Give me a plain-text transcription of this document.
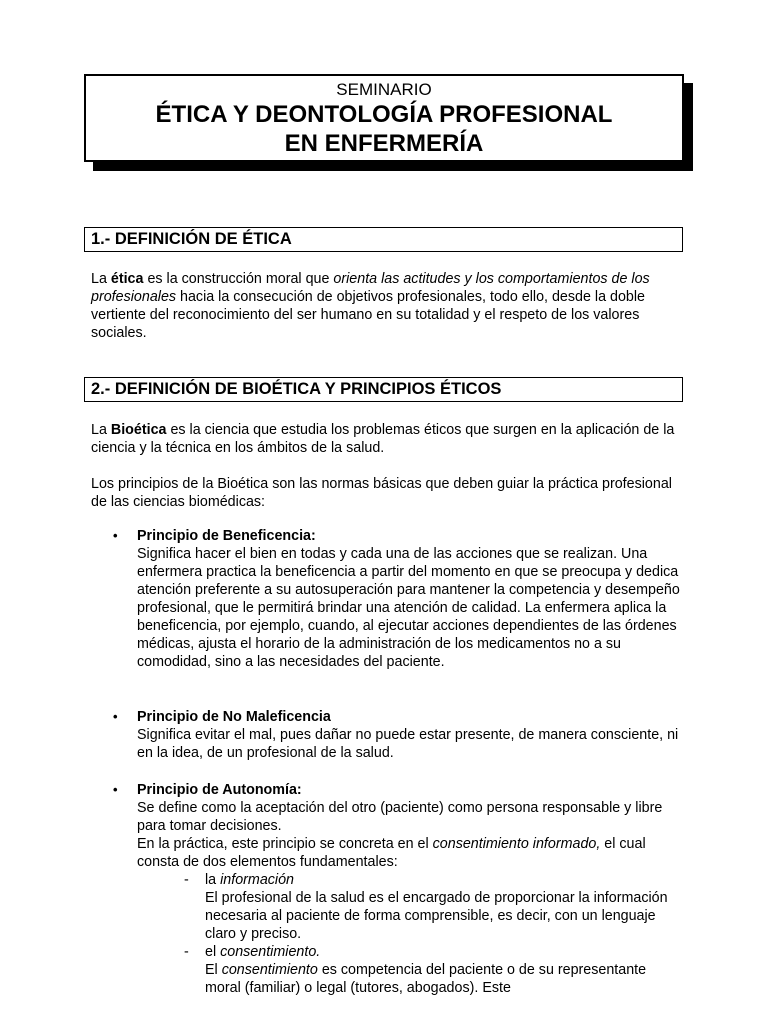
SEMINARIO
ÉTICA Y DEONTOLOGÍA PROFESIONAL
EN ENFERMERÍA
1.- DEFINICIÓN DE ÉTICA

La ética es la construcción moral que orienta las actitudes y los comportamientos de los profesionales hacia la consecución de objetivos profesionales, todo ello, desde la doble vertiente del reconocimiento del ser humano en su totalidad y el respeto de los valores sociales.

2.- DEFINICIÓN DE BIOÉTICA Y PRINCIPIOS ÉTICOS

La Bioética es la ciencia que estudia los problemas éticos que surgen en la aplicación de la ciencia y la técnica en los ámbitos de la salud.

Los principios de la Bioética son las normas básicas que deben guiar la práctica profesional de las ciencias biomédicas:

• Principio de Beneficencia:
Significa hacer el bien en todas y cada una de las acciones que se realizan. Una enfermera practica la beneficencia a partir del momento en que se preocupa y dedica atención preferente a su autosuperación para mantener la competencia y desempeño profesional, que le permitirá brindar una atención de calidad. La enfermera aplica la beneficencia, por ejemplo, cuando, al ejecutar acciones dependientes de las órdenes médicas, ajusta el horario de la administración de los medicamentos no a su comodidad, sino a las necesidades del paciente.
• Principio de No Maleficencia
Significa evitar el mal, pues dañar no puede estar presente, de manera consciente, ni en la idea, de un profesional de la salud.
• Principio de Autonomía:
Se define como la aceptación del otro (paciente) como persona responsable y libre para tomar decisiones.
En la práctica, este principio se concreta en el consentimiento informado, el cual consta de dos elementos fundamentales:
- la información
El profesional de la salud es el encargado de proporcionar la información necesaria al paciente de forma comprensible, es decir, con un lenguaje claro y preciso.
- el consentimiento.
El consentimiento es competencia del paciente o de su representante moral (familiar) o legal (tutores, abogados). Este
